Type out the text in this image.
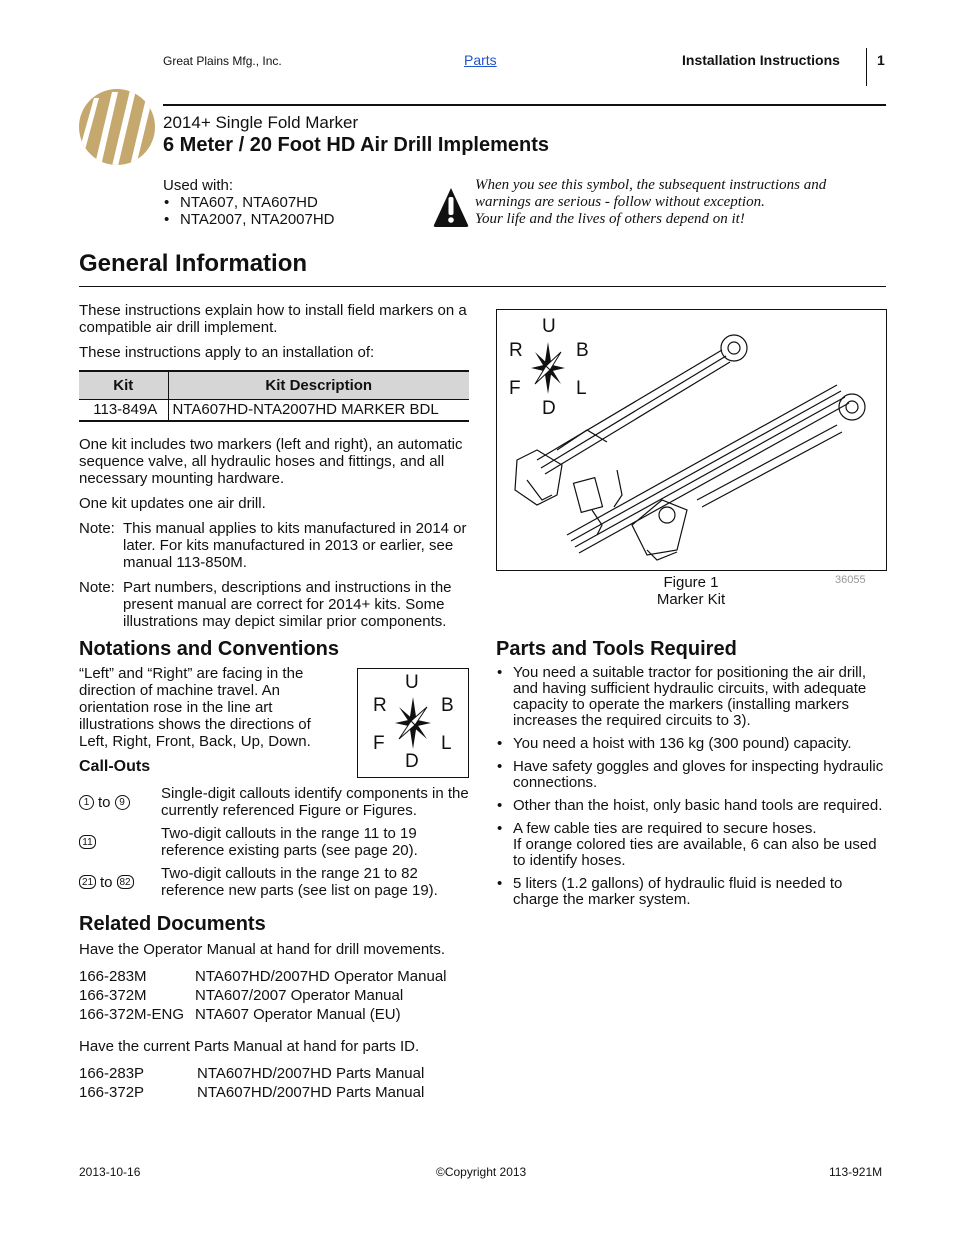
Great Plains Mfg., Inc.	Parts	Installation Instructions	1
2014+ Single Fold Marker
6 Meter / 20 Foot HD Air Drill Implements
Used with:
• NTA607, NTA607HD
• NTA2007, NTA2007HD
When you see this symbol, the subsequent instructions and
warnings are serious - follow without exception.
Your life and the lives of others depend on it!
General Information

These instructions explain how to install field markers on a compatible air drill implement.

These instructions apply to an installation of:

Kit	Kit Description
113-849A	NTA607HD-NTA2007HD MARKER BDL

One kit includes two markers (left and right), an automatic sequence valve, all hydraulic hoses and fittings, and all necessary mounting hardware.

One kit updates one air drill.

Note: This manual applies to kits manufactured in 2014 or later. For kits manufactured in 2013 or earlier, see manual 113-850M.
Note: Part numbers, descriptions and instructions in the present manual are correct for 2014+ kits. Some illustrations may depict similar prior components.
U
R	B
F	L
D
Figure 1
Marker Kit
36055
Notations and Conventions

“Left” and “Right” are facing in the direction of machine travel. An orientation rose in the line art illustrations shows the directions of Left, Right, Front, Back, Up, Down.

U
R	B
F	L
D
Call-Outs
1 to 9	Single-digit callouts identify components in the currently referenced Figure or Figures.
11	Two-digit callouts in the range 11 to 19 reference existing parts (see page 20).
21 to 82 Two-digit callouts in the range 21 to 82 reference new parts (see list on page 19).
Related Documents

Have the Operator Manual at hand for drill movements.

166-283M	NTA607HD/2007HD Operator Manual
166-372M	NTA607/2007 Operator Manual
166-372M-ENG NTA607 Operator Manual (EU)

Have the current Parts Manual at hand for parts ID.

166-283P	NTA607HD/2007HD Parts Manual
166-372P	NTA607HD/2007HD Parts Manual
Parts and Tools Required
• You need a suitable tractor for positioning the air drill, and having sufficient hydraulic circuits, with adequate capacity to operate the markers (installing markers increases the required circuits to 3).
• You need a hoist with 136 kg (300 pound) capacity.
• Have safety goggles and gloves for inspecting hydraulic connections.
• Other than the hoist, only basic hand tools are required.
• A few cable ties are required to secure hoses.
If orange colored ties are available, 6 can also be used to identify hoses.
• 5 liters (1.2 gallons) of hydraulic fluid is needed to charge the marker system.
2013-10-16	©Copyright 2013	113-921M
